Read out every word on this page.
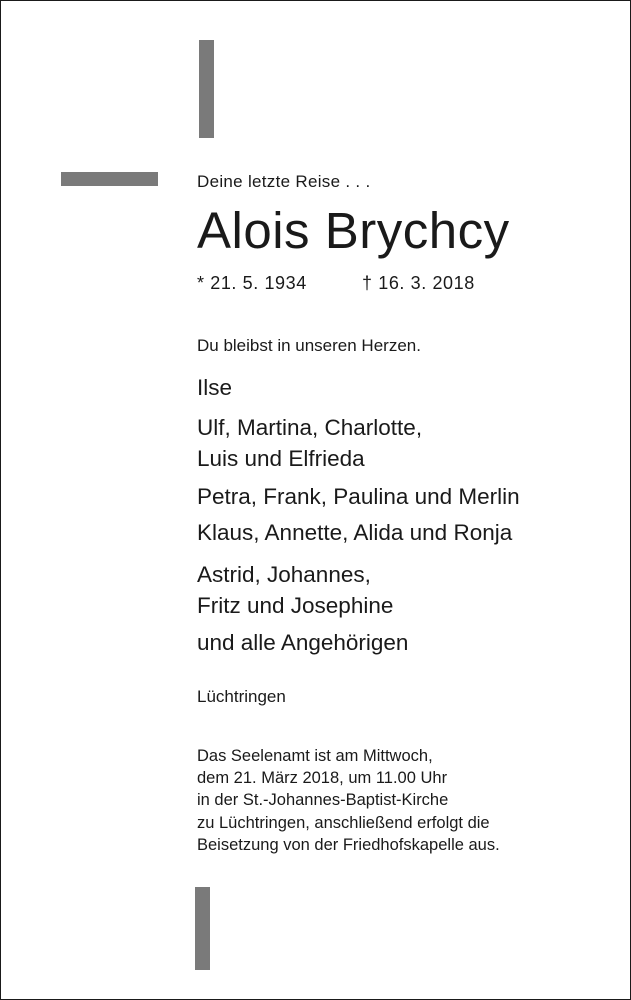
Deine letzte Reise . . .

Alois Brychcy
* 21. 5. 1934	† 16. 3. 2018

Du bleibst in unseren Herzen.

Ilse
Ulf, Martina, Charlotte,
Luis und Elfrieda
Petra, Frank, Paulina und Merlin
Klaus, Annette, Alida und Ronja
Astrid, Johannes,
Fritz und Josephine
und alle Angehörigen

Lüchtringen

Das Seelenamt ist am Mittwoch,
dem 21. März 2018, um 11.00 Uhr
in der St.-Johannes-Baptist-Kirche
zu Lüchtringen, anschließend erfolgt die
Beisetzung von der Friedhofskapelle aus.
